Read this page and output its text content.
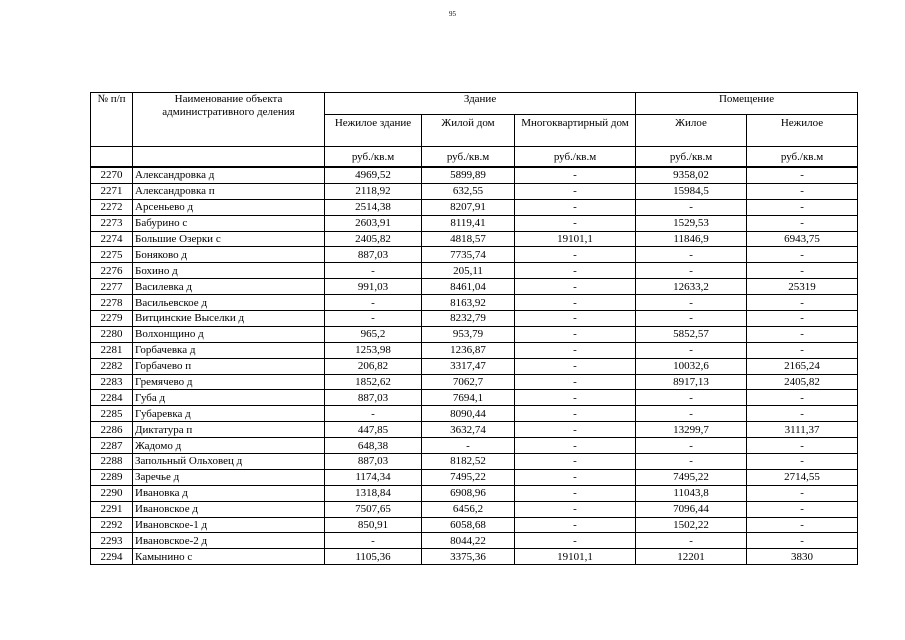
95
№ п/п	Наименование объекта административного деления	Здание			Помещение	
		Нежилое здание	Жилой дом	Многоквартирный дом	Жилое	Нежилое
		руб./кв.м	руб./кв.м	руб./кв.м	руб./кв.м	руб./кв.м
2270	Александровка д	4969,52	5899,89	-	9358,02	-
2271	Александровка п	2118,92	632,55	-	15984,5	-
2272	Арсеньево д	2514,38	8207,91	-	-	-
2273	Бабурино с	2603,91	8119,41	-	1529,53	-
2274	Большие Озерки с	2405,82	4818,57	19101,1	11846,9	6943,75
2275	Боняково д	887,03	7735,74	-	-	-
2276	Бохино д	-	205,11	-	-	-
2277	Василевка д	991,03	8461,04	-	12633,2	25319
2278	Васильевское д	-	8163,92	-	-	-
2279	Витцинские Выселки д	-	8232,79	-	-	-
2280	Волхонщино д	965,2	953,79	-	5852,57	-
2281	Горбачевка д	1253,98	1236,87	-	-	-
2282	Горбачево п	206,82	3317,47	-	10032,6	2165,24
2283	Гремячево д	1852,62	7062,7	-	8917,13	2405,82
2284	Губа д	887,03	7694,1	-	-	-
2285	Губаревка д	-	8090,44	-	-	-
2286	Диктатура п	447,85	3632,74	-	13299,7	3111,37
2287	Жадомо д	648,38	-	-	-	-
2288	Запольный Ольховец д	887,03	8182,52	-	-	-
2289	Заречье д	1174,34	7495,22	-	7495,22	2714,55
2290	Ивановка д	1318,84	6908,96	-	11043,8	-
2291	Ивановское д	7507,65	6456,2	-	7096,44	-
2292	Ивановское-1 д	850,91	6058,68	-	1502,22	-
2293	Ивановское-2 д	-	8044,22	-	-	-
2294	Камынино с	1105,36	3375,36	19101,1	12201	3830
